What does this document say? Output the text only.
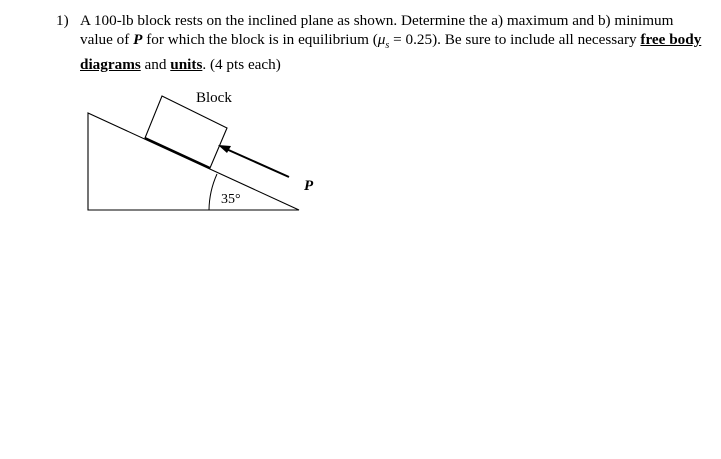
1) A 100-lb block rests on the inclined plane as shown. Determine the a) maximum and b) minimum value of P for which the block is in equilibrium $(\mu_s = 0.25)$. Be sure to include all necessary free body diagrams and units. (4 pts each)
Block
P
35°
